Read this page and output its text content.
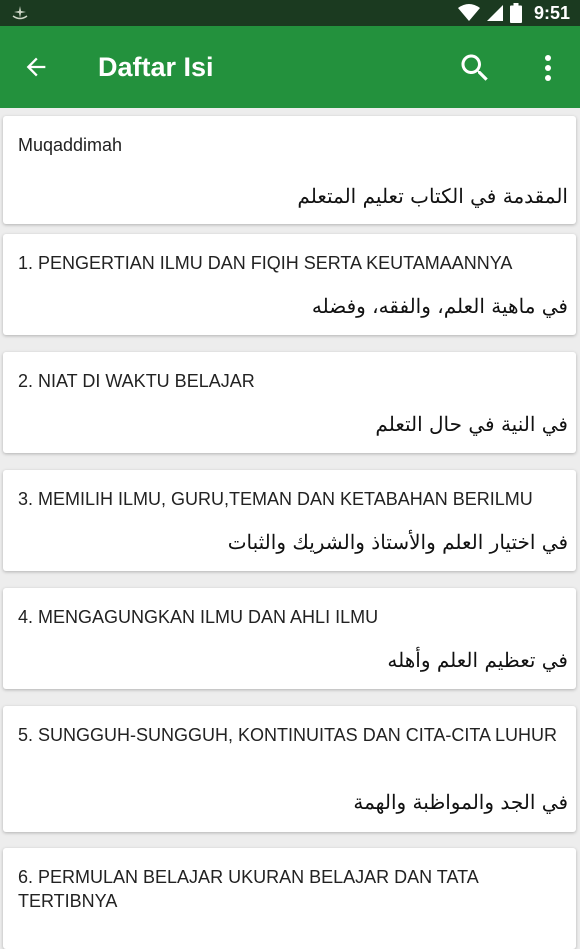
9:51
Daftar Isi
Muqaddimah
المقدمة في الكتاب تعليم المتعلم
1. PENGERTIAN ILMU DAN FIQIH SERTA KEUTAMAANNYA
في ماهية العلم، والفقه، وفضله
2. NIAT DI WAKTU BELAJAR
في النية في حال التعلم
3. MEMILIH ILMU, GURU,TEMAN DAN KETABAHAN BERILMU
في اختيار العلم والأستاذ والشريك والثبات
4. MENGAGUNGKAN ILMU DAN AHLI ILMU
في تعظيم العلم وأهله
5. SUNGGUH-SUNGGUH, KONTINUITAS DAN CITA-CITA LUHUR
في الجد والمواظبة والهمة
6. PERMULAN BELAJAR UKURAN BELAJAR DAN TATA TERTIBNYA
